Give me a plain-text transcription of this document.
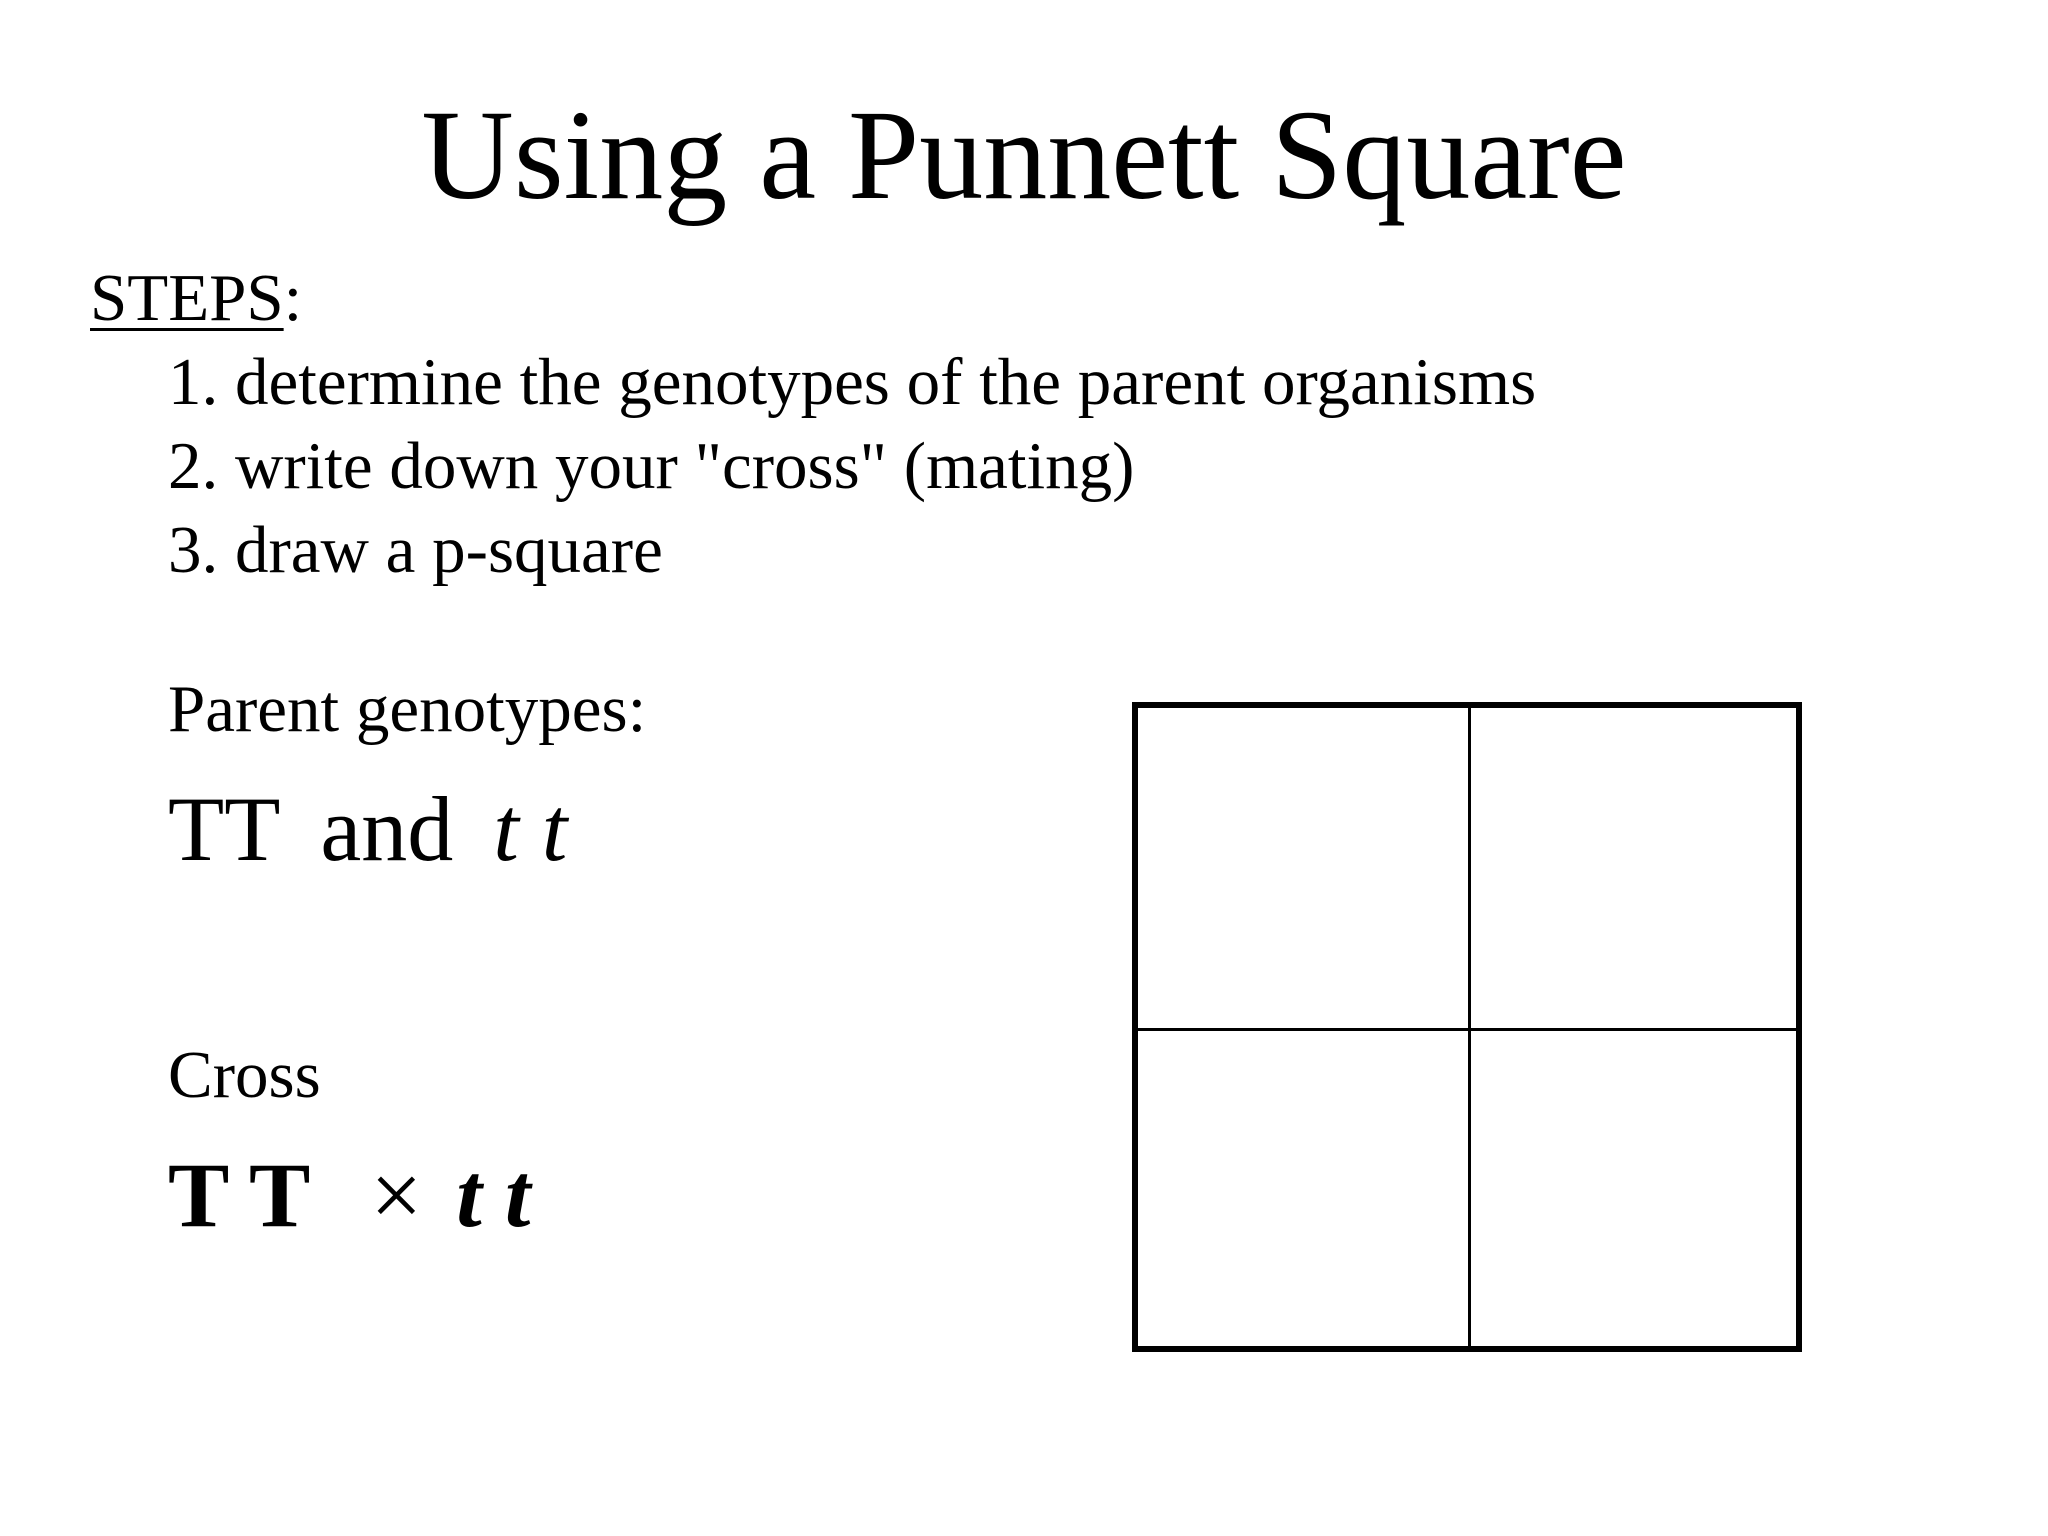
Using a Punnett Square
STEPS:
1. determine the genotypes of the parent organisms
2. write down your "cross" (mating)
3. draw a p-square
Parent genotypes:
TT and t t
Cross
T T × t t
